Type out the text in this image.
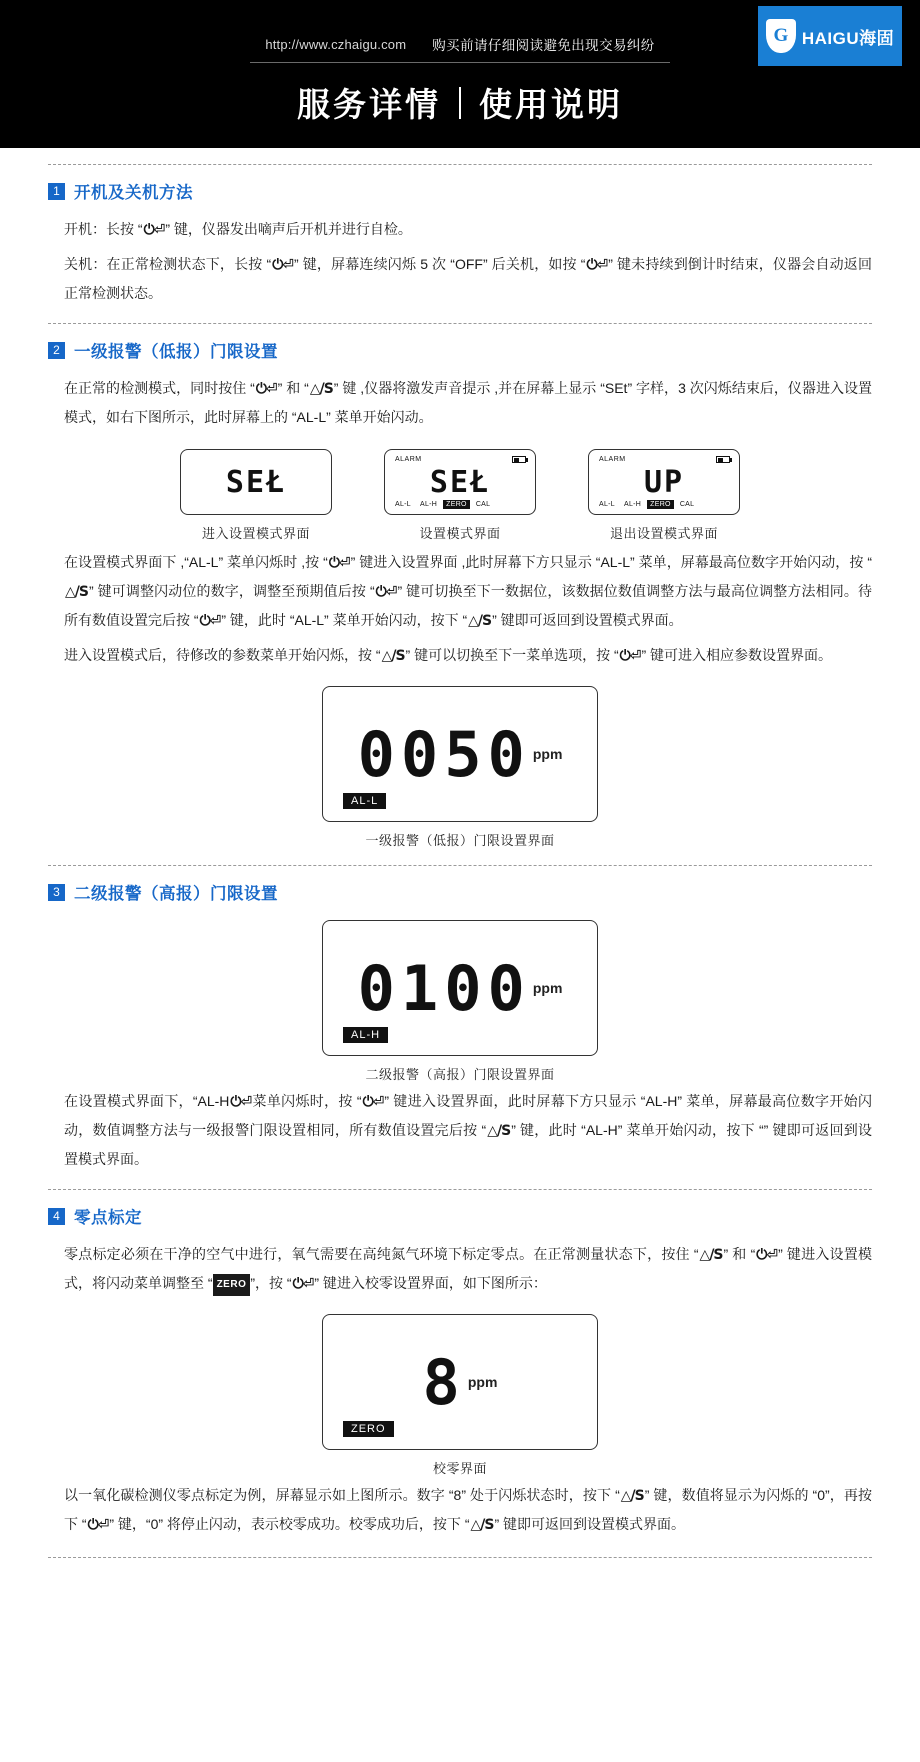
http://www.czhaigu.com 购买前请仔细阅读避免出现交易纠纷
服务详情	使用说明
G HAIGU海固
1 开机及关机方法

开机：长按 “⏻⏎” 键，仪器发出嘀声后开机并进行自检。

关机：在正常检测状态下，长按 “⏻⏎” 键，屏幕连续闪烁 5 次 “OFF” 后关机，如按 “⏻⏎” 键未持续到倒计时结束，仪器会自动返回正常检测状态。

2 一级报警（低报）门限设置

在正常的检测模式，同时按住 “⏻⏎” 和 “△/S” 键 ,仪器将激发声音提示 ,并在屏幕上显示 “SEt” 字样，3 次闪烁结束后，仪器进入设置模式，如右下图所示，此时屏幕上的 “AL-L” 菜单开始闪动。

SEŁ
进入设置模式界面
ALARM
SEŁ
AL-L	AL-H	ZERO	CAL
设置模式界面
ALARM
UP
AL-L	AL-H	ZERO	CAL
退出设置模式界面

在设置模式界面下 ,“AL-L” 菜单闪烁时 ,按 “⏻⏎” 键进入设置界面 ,此时屏幕下方只显示 “AL-L” 菜单，屏幕最高位数字开始闪动，按 “△/S” 键可调整闪动位的数字，调整至预期值后按 “⏻⏎” 键可切换至下一数据位，该数据位数值调整方法与最高位调整方法相同。待所有数值设置完后按 “⏻⏎” 键，此时 “AL-L” 菜单开始闪动，按下 “△/S” 键即可返回到设置模式界面。

进入设置模式后，待修改的参数菜单开始闪烁，按 “△/S” 键可以切换至下一菜单选项，按 “⏻⏎” 键可进入相应参数设置界面。

0050 ppm
AL-L
一级报警（低报）门限设置界面
3 二级报警（高报）门限设置
0100 ppm
AL-H
二级报警（高报）门限设置界面

在设置模式界面下，“AL-H⏻⏎菜单闪烁时，按 “⏻⏎” 键进入设置界面，此时屏幕下方只显示 “AL-H” 菜单，屏幕最高位数字开始闪动，数值调整方法与一级报警门限设置相同，所有数值设置完后按 “△/S” 键，此时 “AL-H” 菜单开始闪动，按下 “” 键即可返回到设置模式界面。

4 零点标定

零点标定必须在干净的空气中进行，氧气需要在高纯氮气环境下标定零点。在正常测量状态下，按住 “△/S” 和 “⏻⏎” 键进入设置模式，将闪动菜单调整至 “ ZERO ”，按 “⏻⏎” 键进入校零设置界面，如下图所示：

8 ppm
ZERO
校零界面

以一氧化碳检测仪零点标定为例，屏幕显示如上图所示。数字 “8” 处于闪烁状态时，按下 “△/S” 键，数值将显示为闪烁的 “0”，再按下 “⏻⏎” 键，“0” 将停止闪动，表示校零成功。校零成功后，按下 “△/S” 键即可返回到设置模式界面。
